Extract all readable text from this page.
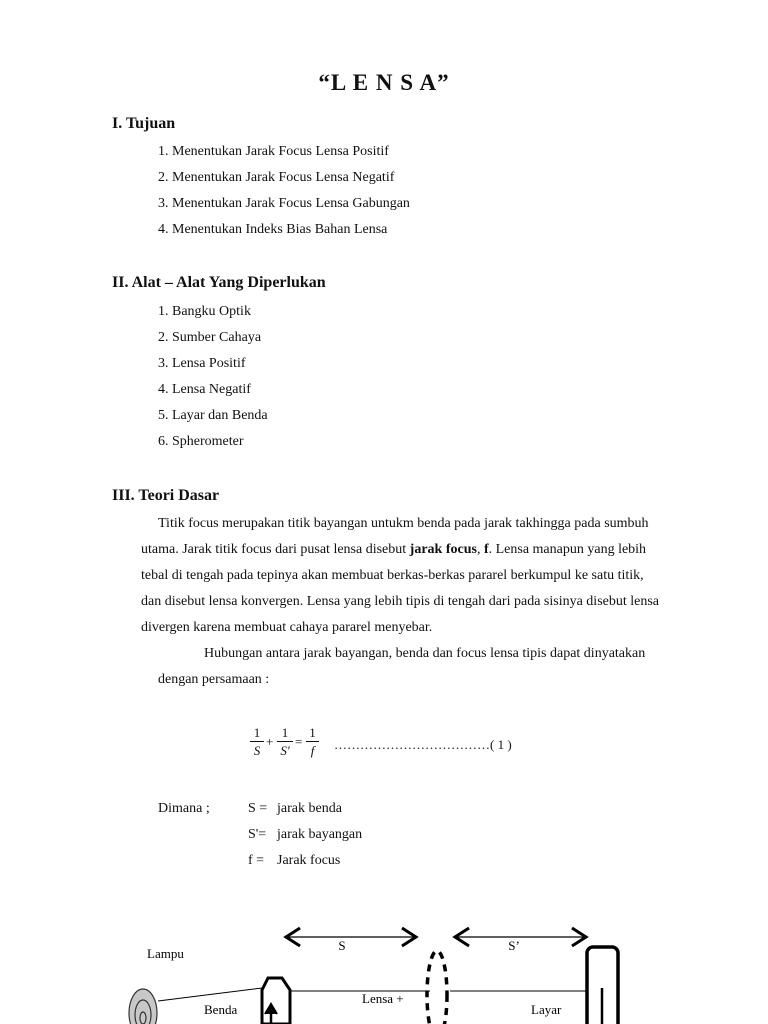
“L E N S A”
I. Tujuan
1. Menentukan Jarak Focus Lensa Positif
2. Menentukan Jarak Focus Lensa Negatif
3. Menentukan Jarak Focus Lensa Gabungan
4. Menentukan Indeks Bias Bahan Lensa
II. Alat – Alat Yang Diperlukan
1. Bangku Optik
2. Sumber Cahaya
3. Lensa Positif
4. Lensa Negatif
5. Layar dan Benda
6. Spherometer
III. Teori Dasar
Titik focus merupakan titik bayangan untukm benda pada jarak takhingga pada sumbuh
utama. Jarak titik focus dari pusat lensa disebut jarak focus, f. Lensa manapun yang lebih
tebal di tengah pada tepinya akan membuat berkas-berkas pararel berkumpul ke satu titik,
dan disebut lensa konvergen. Lensa yang lebih tipis di tengah dari pada sisinya disebut lensa
divergen karena membuat cahaya pararel menyebar.
Hubungan antara jarak bayangan, benda dan focus lensa tipis dapat dinyatakan
dengan persamaan :
1
S
+
1
S'
=
1
f	………………………………( 1 )
Dimana ;	S = jarak benda
S'= jarak bayangan
f = Jarak focus
S	S’
Lampu
Benda
Lensa +
Layar
